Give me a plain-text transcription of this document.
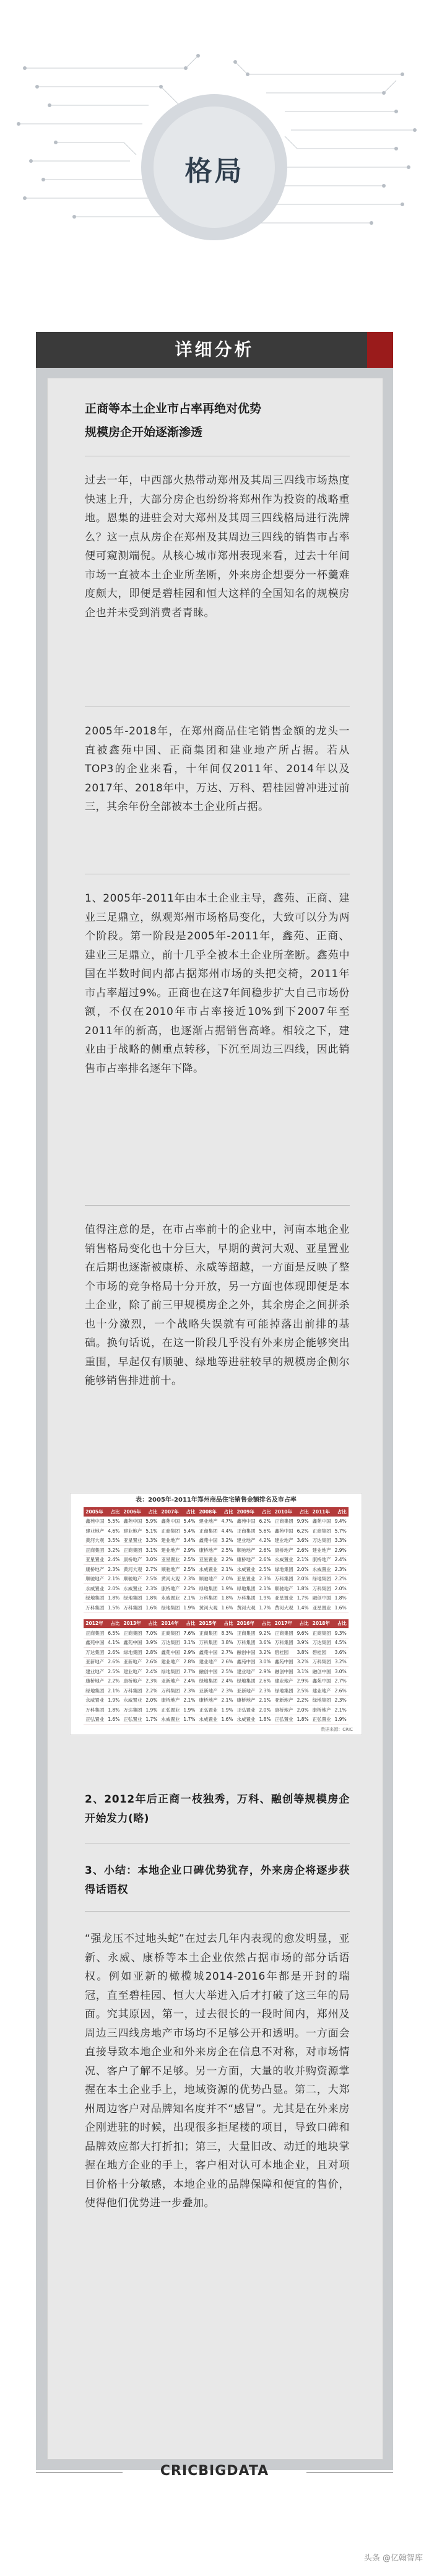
格局
详细分析
正商等本土企业市占率再绝对优势
规模房企开始逐渐渗透
过去一年，中西部火热带动郑州及其周三四线市场热度快速上升，大部分房企也纷纷将郑州作为投资的战略重地。恩集的进驻会对大郑州及其周三四线格局进行洗牌么？这一点从房企在郑州及其周边三四线的销售市占率便可窥测端倪。从核心城市郑州表现来看，过去十年间市场一直被本土企业所垄断，外来房企想要分一杯羹难度颇大，即便是碧桂园和恒大这样的全国知名的规模房企也并未受到消费者青睐。
2005年-2018年，在郑州商品住宅销售金额的龙头一直被鑫苑中国、正商集团和建业地产所占据。若从TOP3的企业来看，十年间仅2011年、2014年以及2017年、2018年中，万达、万科、碧桂园曾冲进过前三，其余年份全部被本土企业所占据。
1、2005年-2011年由本土企业主导，鑫苑、正商、建业三足鼎立，纵观郑州市场格局变化，大致可以分为两个阶段。第一阶段是2005年-2011年，鑫苑、正商、建业三足鼎立，前十几乎全被本土企业所垄断。鑫苑中国在半数时间内都占据郑州市场的头把交椅，2011年市占率超过9%。正商也在这7年间稳步扩大自己市场份额，不仅在2010年市占率接近10%到下2007年至2011年的新高，也逐渐占据销售高峰。相较之下，建业由于战略的侧重点转移，下沉至周边三四线，因此销售市占率排名逐年下降。
值得注意的是，在市占率前十的企业中，河南本地企业销售格局变化也十分巨大，早期的黄河大观、亚星置业在后期也逐渐被康桥、永威等超越，一方面是反映了整个市场的竞争格局十分开放，另一方面也体现即便是本土企业，除了前三甲规模房企之外，其余房企之间拼杀也十分激烈，一个战略失误就有可能掉落出前排的基础。换句话说，在这一阶段几乎没有外来房企能够突出重围，早起仅有顺驰、绿地等进驻较早的规模房企侧尔能够销售排进前十。
表：2005年-2011年郑州商品住宅销售金额排名及市占率
2005年	占比	2006年	占比	2007年	占比	2008年	占比	2009年	占比	2010年	占比	2011年	占比
鑫苑中国	5.5%	鑫苑中国	5.9%	鑫苑中国	5.4%	建业地产	4.7%	鑫苑中国	6.2%	正商集团	9.9%	鑫苑中国	9.4%
建业地产	4.6%	建业地产	5.1%	正商集团	5.4%	正商集团	4.4%	正商集团	5.6%	鑫苑中国	6.2%	正商集团	5.7%
黄河大观	3.5%	亚星置业	3.3%	建业地产	3.4%	鑫苑中国	3.2%	建业地产	4.2%	建业地产	3.6%	万达集团	3.3%
正商集团	3.2%	正商集团	3.1%	建业地产	2.9%	康桥地产	2.5%	顺驰地产	2.6%	康桥地产	2.6%	建业地产	2.9%
亚星置业	2.4%	康桥地产	3.0%	亚星置业	2.5%	亚星置业	2.2%	康桥地产	2.6%	永威置业	2.1%	康桥地产	2.4%
康桥地产	2.3%	黄河大观	2.7%	顺驰地产	2.5%	永威置业	2.1%	永威置业	2.5%	绿地集团	2.0%	永威置业	2.3%
顺驰地产	2.1%	顺驰地产	2.5%	黄河大观	2.3%	顺驰地产	2.0%	亚星置业	2.3%	万科集团	2.0%	绿地集团	2.2%
永威置业	2.0%	永威置业	2.3%	康桥地产	2.2%	绿地集团	1.9%	绿地集团	2.1%	顺驰地产	1.8%	万科集团	2.0%
绿地集团	1.8%	绿地集团	1.8%	永威置业	2.1%	万科集团	1.8%	万科集团	1.9%	亚星置业	1.7%	融创中国	1.8%
万科集团	1.5%	万科集团	1.6%	绿地集团	1.9%	黄河大观	1.6%	黄河大观	1.7%	黄河大观	1.4%	亚星置业	1.6%
2012年	占比	2013年	占比	2014年	占比	2015年	占比	2016年	占比	2017年	占比	2018年	占比
正商集团	6.5%	正商集团	7.0%	正商集团	7.6%	正商集团	8.3%	正商集团	9.2%	正商集团	9.6%	正商集团	9.3%
鑫苑中国	4.1%	鑫苑中国	3.9%	万达集团	3.1%	万科集团	3.8%	万科集团	3.6%	万科集团	3.9%	万达集团	4.5%
万达集团	2.6%	绿地集团	2.8%	鑫苑中国	2.9%	鑫苑中国	2.7%	融创中国	3.2%	碧桂园	3.8%	碧桂园	3.6%
亚新地产	2.6%	亚新地产	2.6%	建业地产	2.8%	建业地产	2.6%	鑫苑中国	3.0%	鑫苑中国	3.2%	万科集团	3.2%
建业地产	2.5%	建业地产	2.4%	绿地集团	2.7%	融创中国	2.5%	建业地产	2.9%	融创中国	3.1%	融创中国	3.0%
康桥地产	2.2%	康桥地产	2.3%	亚新地产	2.4%	绿地集团	2.4%	绿地集团	2.6%	建业地产	2.9%	鑫苑中国	2.7%
绿地集团	2.1%	万科集团	2.2%	万科集团	2.3%	亚新地产	2.3%	亚新地产	2.3%	绿地集团	2.5%	建业地产	2.6%
永威置业	1.9%	永威置业	2.0%	康桥地产	2.1%	康桥地产	2.1%	康桥地产	2.1%	亚新地产	2.2%	绿地集团	2.3%
万科集团	1.8%	万达集团	1.9%	正弘置业	1.9%	正弘置业	1.9%	正弘置业	2.0%	康桥地产	2.0%	康桥地产	2.1%
正弘置业	1.6%	正弘置业	1.7%	永威置业	1.7%	永威置业	1.6%	永威置业	1.8%	正弘置业	1.8%	正弘置业	1.9%
数据来源：CRIC
2、2012年后正商一枝独秀，万科、融创等规模房企开始发力(略)
3、小结：本地企业口碑优势犹存，外来房企将逐步获得话语权
“强龙压不过地头蛇”在过去几年内表现的愈发明显，亚新、永威、康桥等本土企业依然占据市场的部分话语权。例如亚新的橄榄城2014-2016年都是开封的瑞冠，直至碧桂园、恒大大举进入后才打破了这三年的局面。究其原因，第一，过去很长的一段时间内，郑州及周边三四线房地产市场均不足够公开和透明。一方面会直接导致本地企业和外来房企在信息不对称，对市场情况、客户了解不足够。另一方面，大量的收并购资源掌握在本土企业手上，地域资源的优势凸显。第二，大郑州周边客户对品牌知名度并不“感冒”。尤其是在外来房企刚进驻的时候，出现很多拒尾楼的项目，导致口碑和品牌效应都大打折扣；第三，大量旧改、动迁的地块掌握在地方企业的手上，客户相对认可本地企业，且对项目价格十分敏感，本地企业的品牌保障和便宜的售价，使得他们优势进一步叠加。
CRICBIGDATA
头条 @亿翰智库
